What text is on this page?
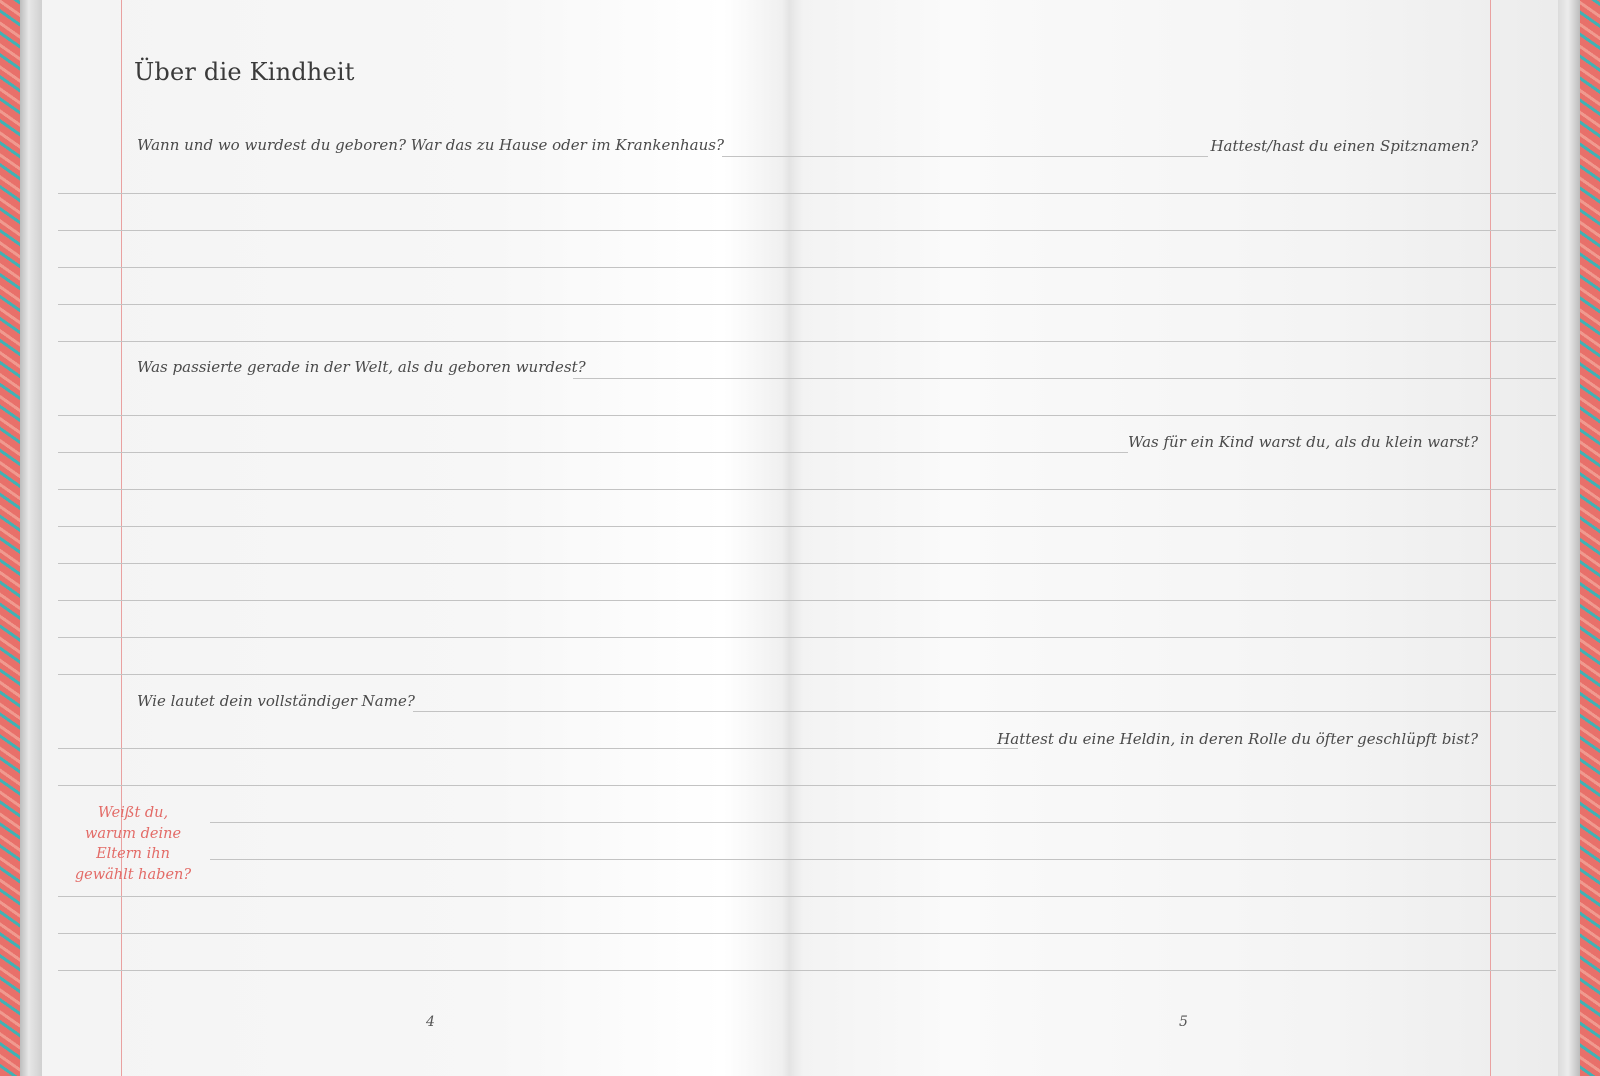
Über die Kindheit
Wann und wo wurdest du geboren? War das zu Hause oder im Krankenhaus?
Was passierte gerade in der Welt, als du geboren wurdest?
Wie lautet dein vollständiger Name?
Weißt du,
warum deine
Eltern ihn
gewählt haben?
4
Hattest/hast du einen Spitznamen?
Was für ein Kind warst du, als du klein warst?
Hattest du eine Heldin, in deren Rolle du öfter geschlüpft bist?
5
